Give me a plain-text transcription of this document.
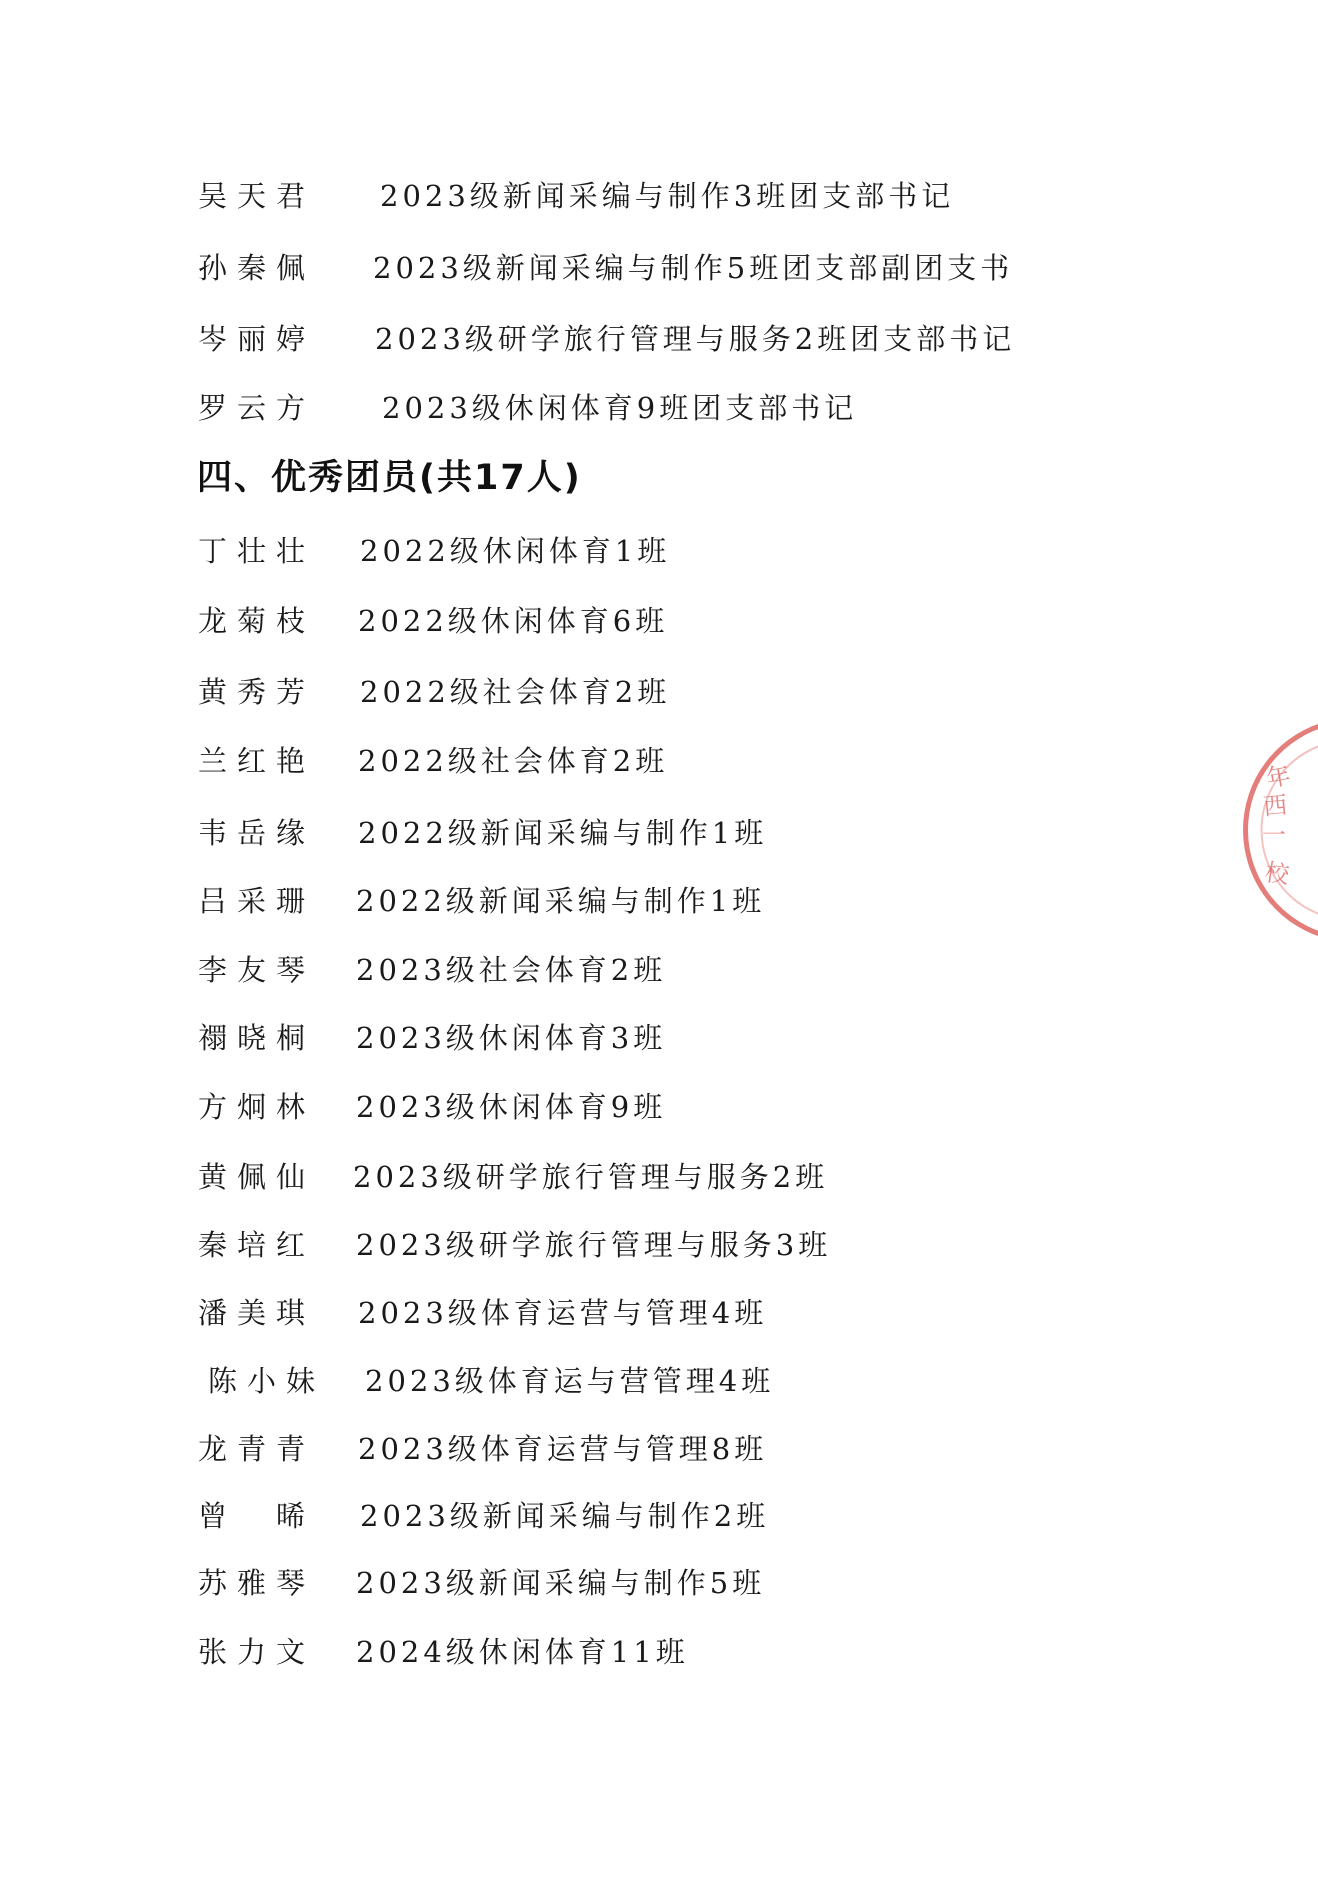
吴天君 2023级新闻采编与制作3班团支部书记
孙秦佩 2023级新闻采编与制作5班团支部副团支书
岑丽婷 2023级研学旅行管理与服务2班团支部书记
罗云方 2023级休闲体育9班团支部书记
四、优秀团员(共17人)
丁壮壮 2022级休闲体育1班
龙菊枝 2022级休闲体育6班
黄秀芳 2022级社会体育2班
兰红艳 2022级社会体育2班
韦岳缘 2022级新闻采编与制作1班
吕采珊 2022级新闻采编与制作1班
李友琴 2023级社会体育2班
禤晓桐 2023级休闲体育3班
方炯林 2023级休闲体育9班
黄佩仙 2023级研学旅行管理与服务2班
秦培红 2023级研学旅行管理与服务3班
潘美琪 2023级体育运营与管理4班
陈小妹 2023级体育运与营管理4班
龙青青 2023级体育运营与管理8班
曾　晞 2023级新闻采编与制作2班
苏雅琴 2023级新闻采编与制作5班
张力文 2024级休闲体育11班
年
西
一
校
